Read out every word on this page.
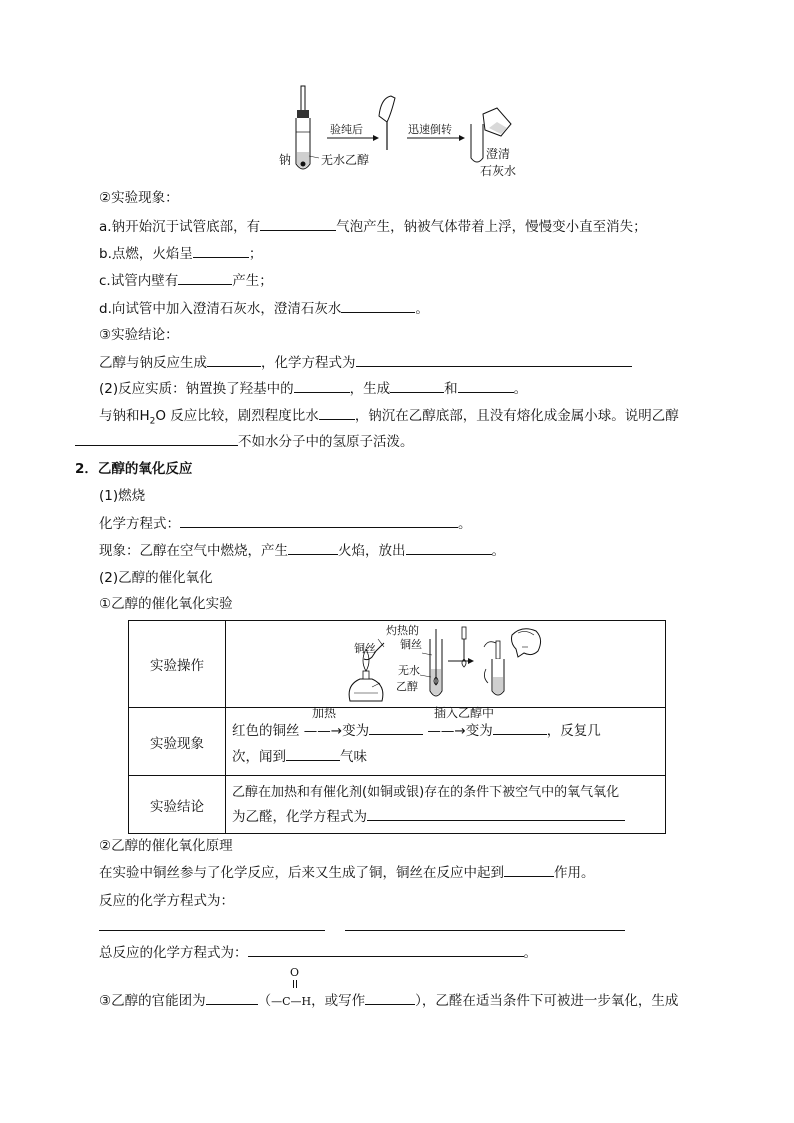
钠 无水乙醇
验纯后	迅速倒转
澄清
石灰水
②实验现象：
a.钠开始沉于试管底部，有	气泡产生，钠被气体带着上浮，慢慢变小直至消失；
b.点燃，火焰呈	；
c.试管内壁有	产生；
d.向试管中加入澄清石灰水，澄清石灰水	。
③实验结论：
乙醇与钠反应生成	，化学方程式为
(2)反应实质：钠置换了羟基中的	，生成	和	。
与钠和$H_2O$ 反应比较，剧烈程度比水	，钠沉在乙醇底部，且没有熔化成金属小球。说明乙醇
不如水分子中的氢原子活泼。
2．乙醇的氧化反应
(1)燃烧
化学方程式：	。
现象：乙醇在空气中燃烧，产生	火焰，放出	。
(2)乙醇的催化氧化
①乙醇的催化氧化实验
实验操作	灼热的
铜丝 铜丝
无水
乙醇

实验现象	加热 插入乙醇中
红色的铜丝 ——→变为 ——→变为 ，反复几
次，闻到 气味

实验结论	乙醇在加热和有催化剂(如铜或银)存在的条件下被空气中的氧气氧化
为乙醛，化学方程式为
②乙醇的催化氧化原理
在实验中铜丝参与了化学反应，后来又生成了铜，铜丝在反应中起到	作用。
反应的化学方程式为：
总反应的化学方程式为：	。
O
③乙醇的官能团为	（—C—H，或写作	），乙醛在适当条件下可被进一步氧化，生成
